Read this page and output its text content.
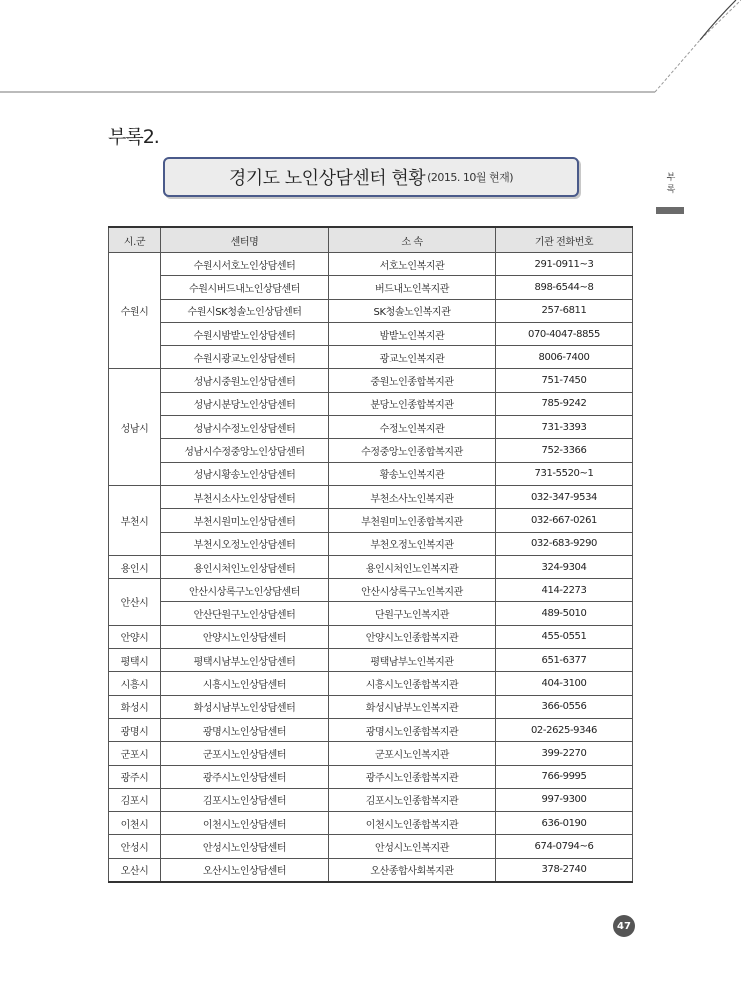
부록2.
경기도 노인상담센터 현황 (2015. 10월 현재)	부
록
시.군	센터명	소 속	기관 전화번호
수원시	수원시서호노인상담센터	서호노인복지관	291-0911~3
	수원시버드내노인상담센터	버드내노인복지관	898-6544~8
	수원시SK청솔노인상담센터	SK청솔노인복지관	257-6811
	수원시밤밭노인상담센터	밤밭노인복지관	070-4047-8855
	수원시광교노인상담센터	광교노인복지관	8006-7400
성남시	성남시중원노인상담센터	중원노인종합복지관	751-7450
	성남시분당노인상담센터	분당노인종합복지관	785-9242
	성남시수정노인상담센터	수정노인복지관	731-3393
	성남시수정중앙노인상담센터	수정중앙노인종합복지관	752-3366
	성남시황송노인상담센터	황송노인복지관	731-5520~1
부천시	부천시소사노인상담센터	부천소사노인복지관	032-347-9534
	부천시원미노인상담센터	부천원미노인종합복지관	032-667-0261
	부천시오정노인상담센터	부천오정노인복지관	032-683-9290
용인시	용인시처인노인상담센터	용인시처인노인복지관	324-9304
안산시	안산시상록구노인상담센터	안산시상록구노인복지관	414-2273
	안산단원구노인상담센터	단원구노인복지관	489-5010
안양시	안양시노인상담센터	안양시노인종합복지관	455-0551
평택시	평택시남부노인상담센터	평택남부노인복지관	651-6377
시흥시	시흥시노인상담센터	시흥시노인종합복지관	404-3100
화성시	화성시남부노인상담센터	화성시남부노인복지관	366-0556
광명시	광명시노인상담센터	광명시노인종합복지관	02-2625-9346
군포시	군포시노인상담센터	군포시노인복지관	399-2270
광주시	광주시노인상담센터	광주시노인종합복지관	766-9995
김포시	김포시노인상담센터	김포시노인종합복지관	997-9300
이천시	이천시노인상담센터	이천시노인종합복지관	636-0190
안성시	안성시노인상담센터	안성시노인복지관	674-0794~6
오산시	오산시노인상담센터	오산종합사회복지관	378-2740
47
